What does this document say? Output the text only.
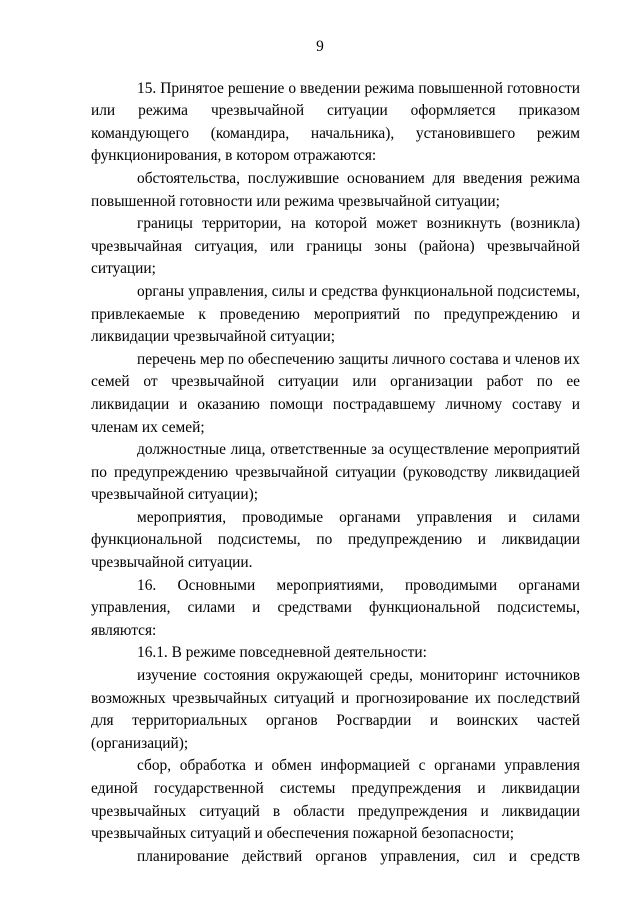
9
15. Принятое решение о введении режима повышенной готовности или режима чрезвычайной ситуации оформляется приказом командующего (командира, начальника), установившего режим функционирования, в котором отражаются:
обстоятельства, послужившие основанием для введения режима повышенной готовности или режима чрезвычайной ситуации;
границы территории, на которой может возникнуть (возникла) чрезвычайная ситуация, или границы зоны (района) чрезвычайной ситуации;
органы управления, силы и средства функциональной подсистемы, привлекаемые к проведению мероприятий по предупреждению и ликвидации чрезвычайной ситуации;
перечень мер по обеспечению защиты личного состава и членов их семей от чрезвычайной ситуации или организации работ по ее ликвидации и оказанию помощи пострадавшему личному составу и членам их семей;
должностные лица, ответственные за осуществление мероприятий по предупреждению чрезвычайной ситуации (руководству ликвидацией чрезвычайной ситуации);
мероприятия, проводимые органами управления и силами функциональной подсистемы, по предупреждению и ликвидации чрезвычайной ситуации.
16. Основными мероприятиями, проводимыми органами управления, силами и средствами функциональной подсистемы, являются:
16.1. В режиме повседневной деятельности:
изучение состояния окружающей среды, мониторинг источников возможных чрезвычайных ситуаций и прогнозирование их последствий для территориальных органов Росгвардии и воинских частей (организаций);
сбор, обработка и обмен информацией с органами управления единой государственной системы предупреждения и ликвидации чрезвычайных ситуаций в области предупреждения и ликвидации чрезвычайных ситуаций и обеспечения пожарной безопасности;
планирование действий органов управления, сил и средств
